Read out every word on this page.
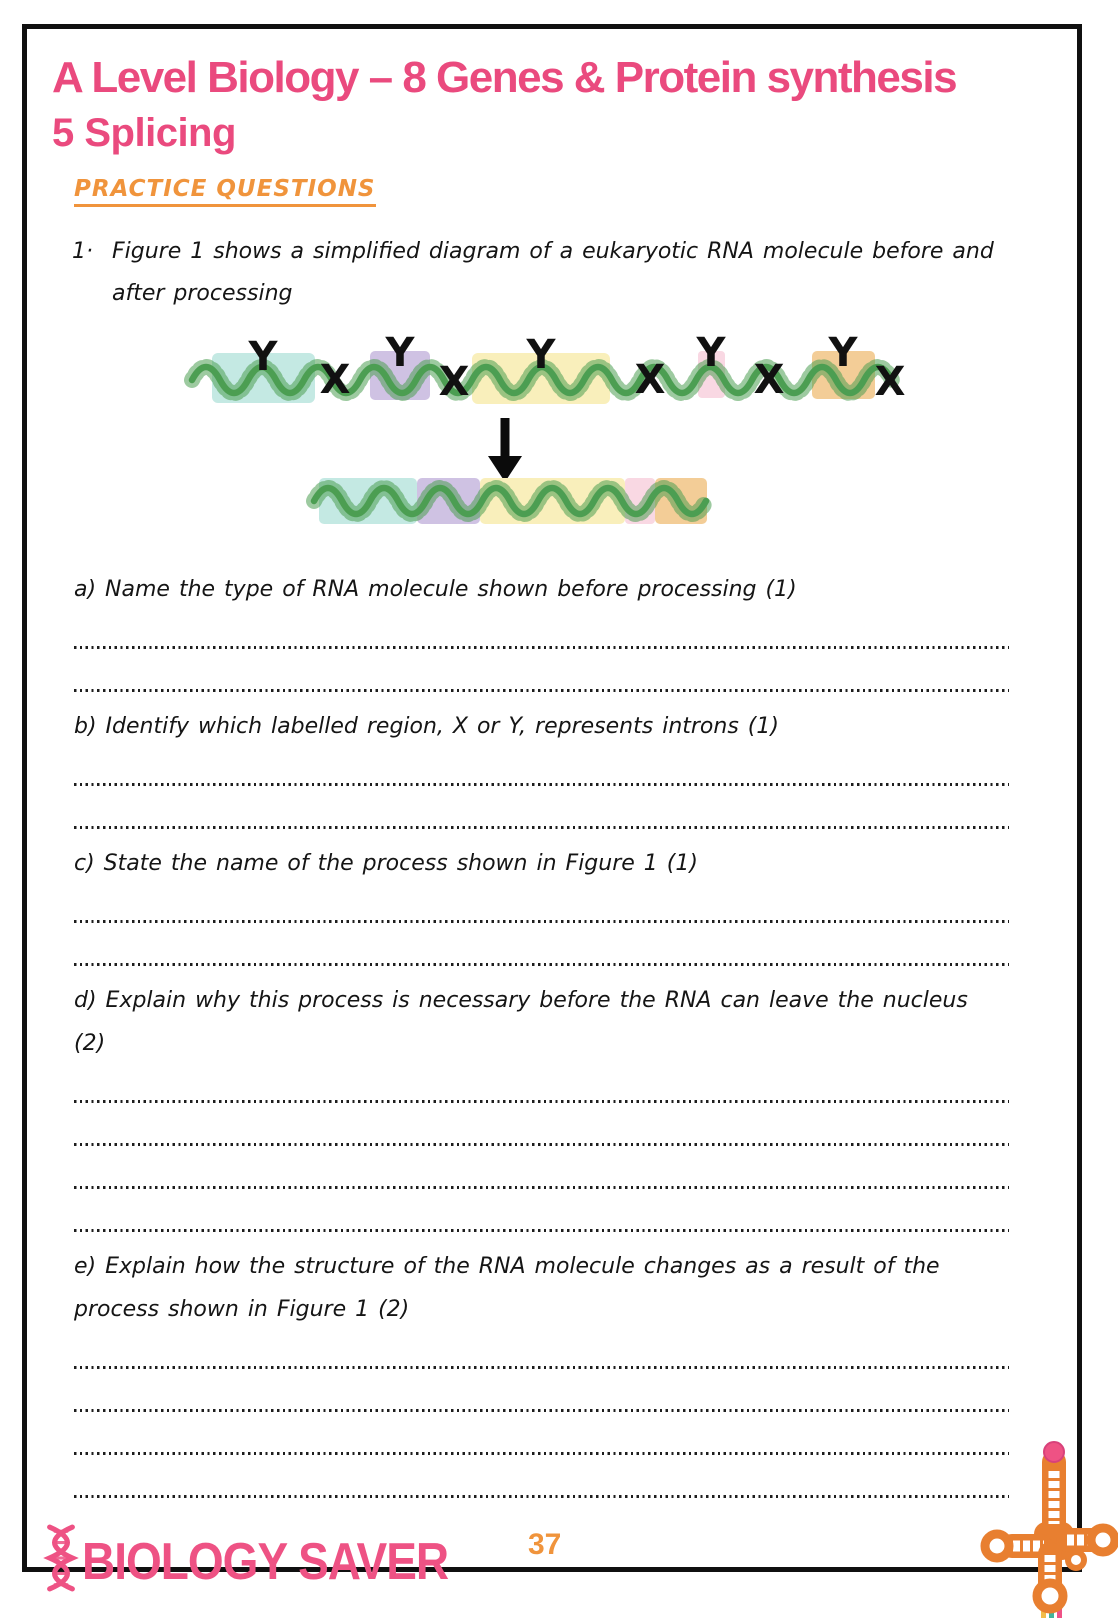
A Level Biology – 8 Genes & Protein synthesis
5 Splicing
PRACTICE QUESTIONS
1· Figure 1 shows a simplified diagram of a eukaryotic RNA molecule before and after processing
Y	Y	Y	Y	Y
X X	X X X

a) Name the type of RNA molecule shown before processing (1)

b) Identify which labelled region, X or Y, represents introns (1)

c) State the name of the process shown in Figure 1 (1)

d) Explain why this process is necessary before the RNA can leave the nucleus (2)

e) Explain how the structure of the RNA molecule changes as a result of the process shown in Figure 1 (2)

BIOLOGY SAVER	37
